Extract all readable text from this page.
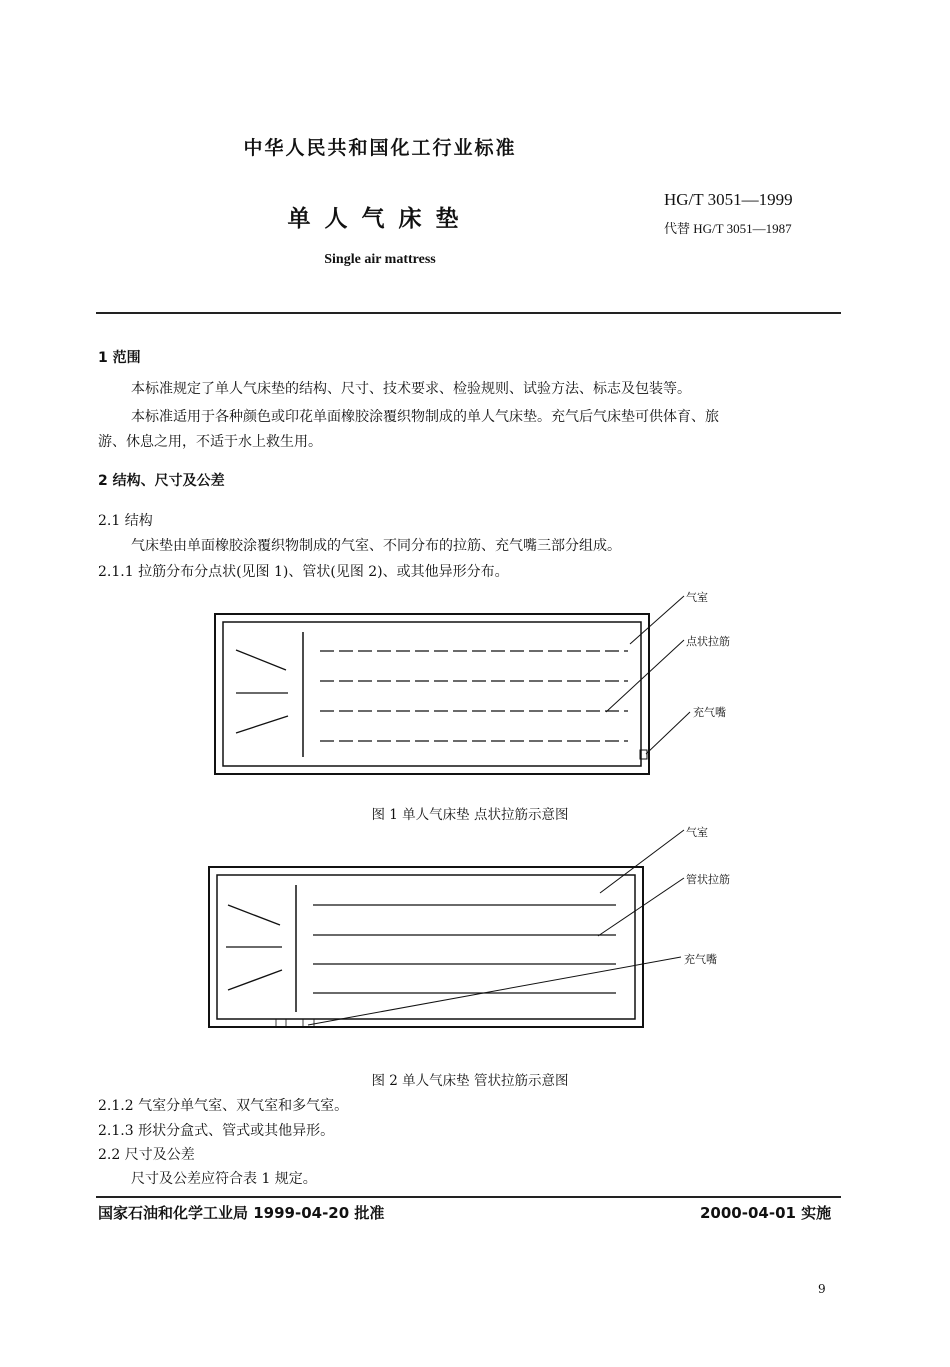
中华人民共和国化工行业标准
单人气床垫
Single air mattress
HG/T 3051—1999
代替 HG/T 3051—1987
1 范围
本标准规定了单人气床垫的结构、尺寸、技术要求、检验规则、试验方法、标志及包装等。
本标准适用于各种颜色或印花单面橡胶涂覆织物制成的单人气床垫。充气后气床垫可供体育、旅
游、休息之用，不适于水上救生用。
2 结构、尺寸及公差
2.1 结构
气床垫由单面橡胶涂覆织物制成的气室、不同分布的拉筋、充气嘴三部分组成。
2.1.1 拉筋分布分点状(见图 1)、管状(见图 2)、或其他异形分布。
气室
点状拉筋
充气嘴
图 1 单人气床垫 点状拉筋示意图
气室
管状拉筋
充气嘴
图 2 单人气床垫 管状拉筋示意图
2.1.2 气室分单气室、双气室和多气室。
2.1.3 形状分盒式、管式或其他异形。
2.2 尺寸及公差
尺寸及公差应符合表 1 规定。
国家石油和化学工业局 1999-04-20 批准	2000-04-01 实施
9
